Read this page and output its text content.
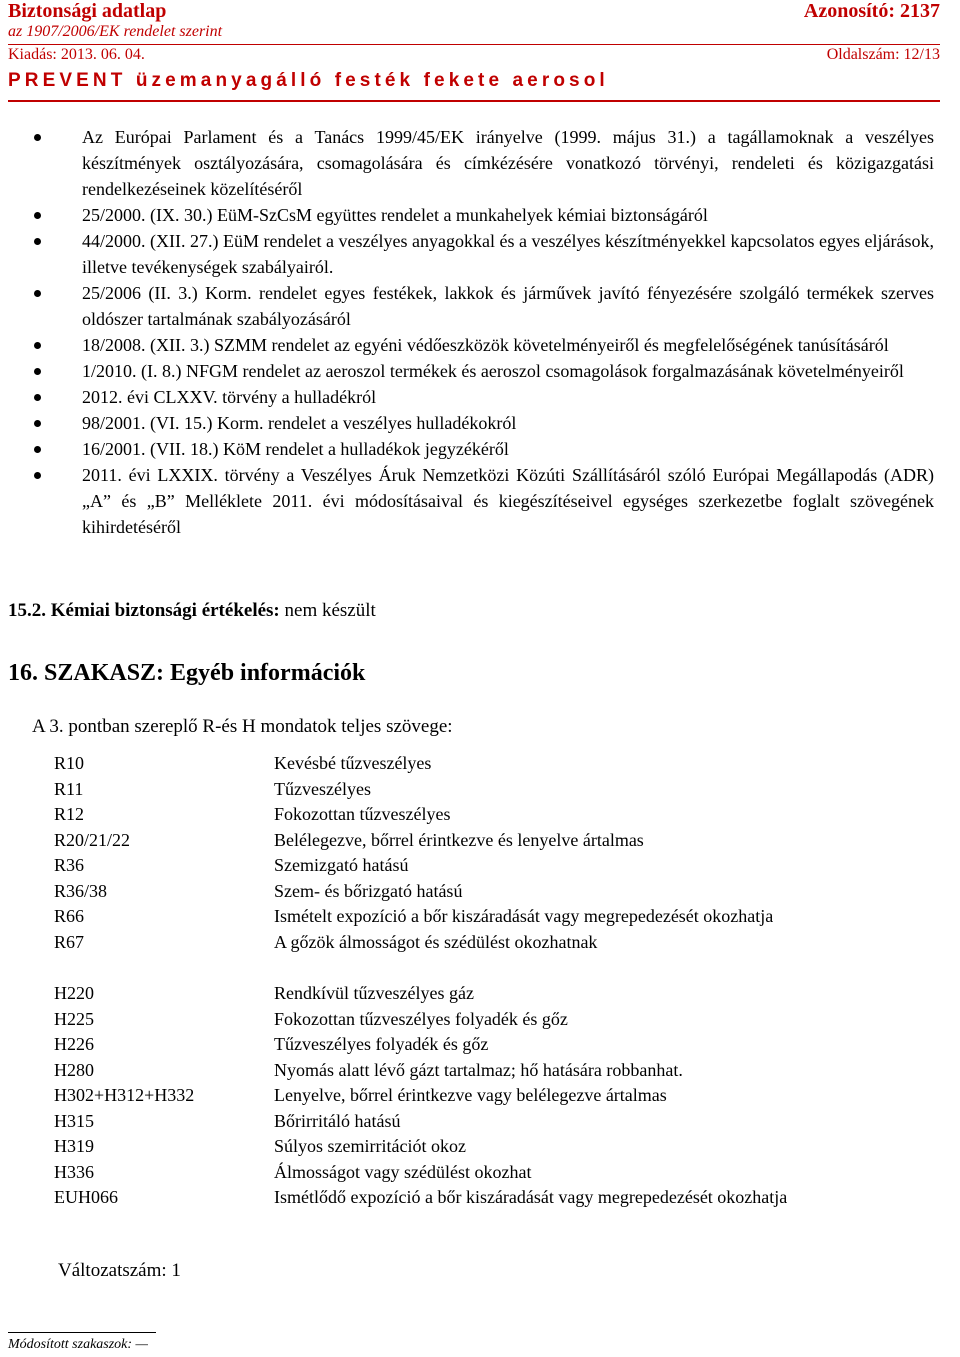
Biztonsági adatlap	Azonosító: 2137
az 1907/2006/EK rendelet szerint
Kiadás: 2013. 06. 04.	Oldalszám: 12/13
PREVENT üzemanyagálló festék fekete aerosol
Az Európai Parlament és a Tanács 1999/45/EK irányelve (1999. május 31.) a tagállamoknak a veszélyes készítmények osztályozására, csomagolására és címkézésére vonatkozó törvényi, rendeleti és közigazgatási rendelkezéseinek közelítéséről
25/2000. (IX. 30.) EüM-SzCsM együttes rendelet a munkahelyek kémiai biztonságáról
44/2000. (XII. 27.) EüM rendelet a veszélyes anyagokkal és a veszélyes készítményekkel kapcsolatos egyes eljárások, illetve tevékenységek szabályairól.
25/2006 (II. 3.) Korm. rendelet egyes festékek, lakkok és járművek javító fényezésére szolgáló termékek szerves oldószer tartalmának szabályozásáról
18/2008. (XII. 3.) SZMM rendelet az egyéni védőeszközök követelményeiről és megfelelőségének tanúsításáról
1/2010. (I. 8.) NFGM rendelet az aeroszol termékek és aeroszol csomagolások forgalmazásának követelményeiről
2012. évi CLXXV. törvény a hulladékról
98/2001. (VI. 15.) Korm. rendelet a veszélyes hulladékokról
16/2001. (VII. 18.) KöM rendelet a hulladékok jegyzékéről
2011. évi LXXIX. törvény a Veszélyes Áruk Nemzetközi Közúti Szállításáról szóló Európai Megállapodás (ADR) „A” és „B” Melléklete 2011. évi módosításaival és kiegészítéseivel egységes szerkezetbe foglalt szövegének kihirdetéséről
15.2. Kémiai biztonsági értékelés: nem készült
16. SZAKASZ: Egyéb információk
A 3. pontban szereplő R-és H mondatok teljes szövege:
R10	Kevésbé tűzveszélyes
R11	Tűzveszélyes
R12	Fokozottan tűzveszélyes
R20/21/22	Belélegezve, bőrrel érintkezve és lenyelve ártalmas
R36	Szemizgató hatású
R36/38	Szem- és bőrizgató hatású
R66	Ismételt expozíció a bőr kiszáradását vagy megrepedezését okozhatja
R67	A gőzök álmosságot és szédülést okozhatnak
H220	Rendkívül tűzveszélyes gáz
H225	Fokozottan tűzveszélyes folyadék és gőz
H226	Tűzveszélyes folyadék és gőz
H280	Nyomás alatt lévő gázt tartalmaz; hő hatására robbanhat.
H302+H312+H332	Lenyelve, bőrrel érintkezve vagy belélegezve ártalmas
H315	Bőrirritáló hatású
H319	Súlyos szemirritációt okoz
H336	Álmosságot vagy szédülést okozhat
EUH066	Ismétlődő expozíció a bőr kiszáradását vagy megrepedezését okozhatja
Változatszám: 1
Módosított szakaszok: —
